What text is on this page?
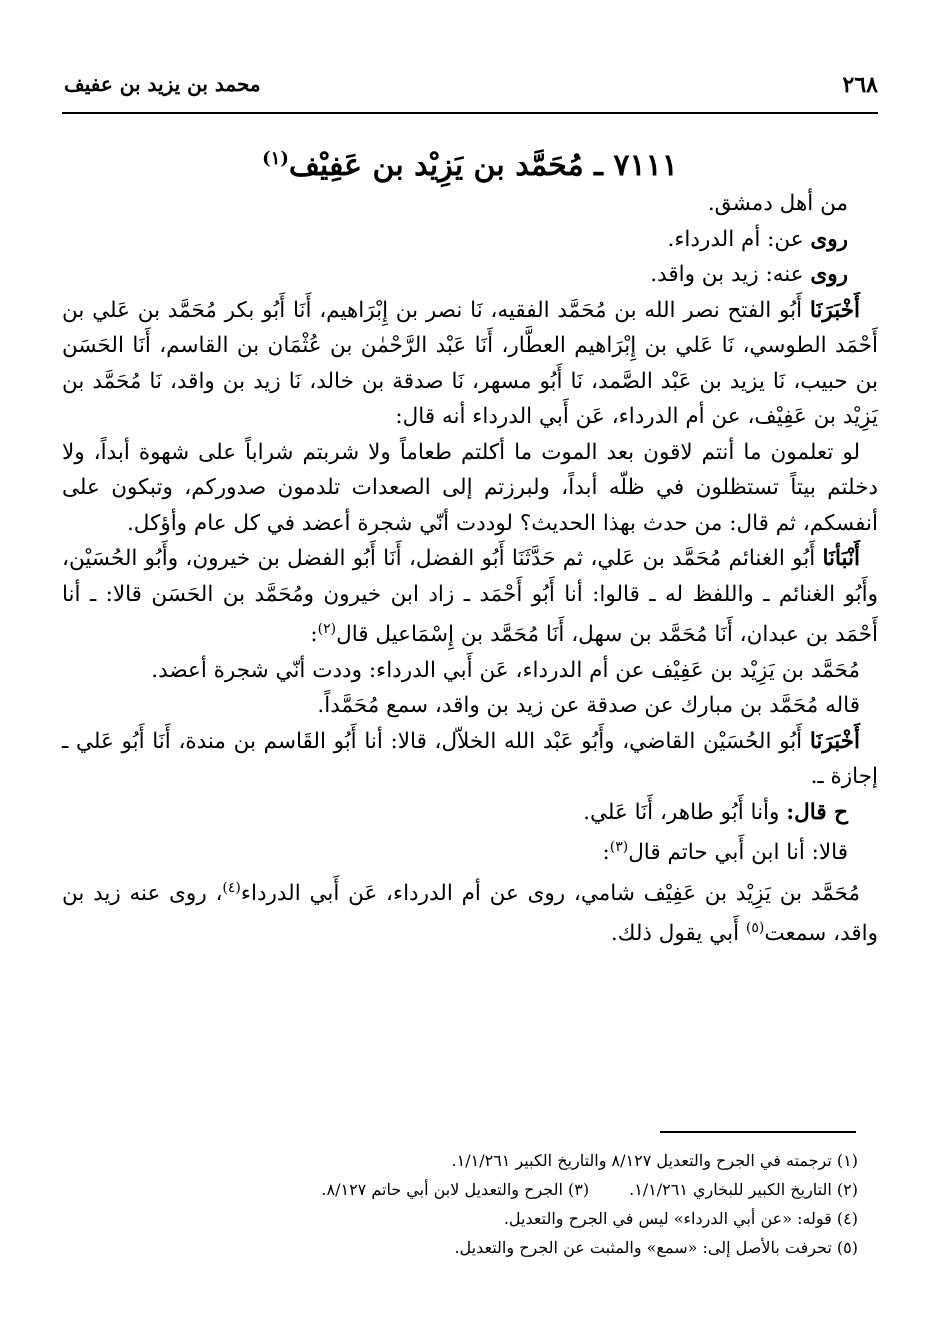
٢٦٨
محمد بن يزيد بن عفيف
٧١١١ ـ مُحَمَّد بن يَزِيْد بن عَفِيْف$^{(١)}$

من أهل دمشق.

روى عن: أم الدرداء.

روى عنه: زيد بن واقد.

أَخْبَرَنَا أَبُو الفتح نصر الله بن مُحَمَّد الفقيه، نَا نصر بن إِبْرَاهيم، أَنَا أَبُو بكر مُحَمَّد بن عَلي بن أَحْمَد الطوسي، نَا عَلي بن إِبْرَاهيم العطَّار، أَنَا عَبْد الرَّحْمٰن بن عُثْمَان بن القاسم، أَنَا الحَسَن بن حبيب، نَا يزيد بن عَبْد الصَّمد، نَا أَبُو مسهر، نَا صدقة بن خالد، نَا زيد بن واقد، نَا مُحَمَّد بن يَزِيْد بن عَفِيْف، عن أم الدرداء، عَن أَبي الدرداء أنه قال:

لو تعلمون ما أنتم لاقون بعد الموت ما أكلتم طعاماً ولا شربتم شراباً على شهوة أبداً، ولا دخلتم بيتاً تستظلون في ظلّه أبداً، ولبرزتم إلى الصعدات تلدمون صدوركم، وتبكون على أنفسكم، ثم قال: من حدث بهذا الحديث؟ لوددت أنّي شجرة أعضد في كل عام وأؤكل.

أَنْبَأنَا أَبُو الغنائم مُحَمَّد بن عَلي، ثم حَدَّثَنَا أَبُو الفضل، أَنَا أَبُو الفضل بن خيرون، وأَبُو الحُسَيْن، وأَبُو الغنائم ـ واللفظ له ـ قالوا: أنا أَبُو أَحْمَد ـ زاد ابن خيرون ومُحَمَّد بن الحَسَن قالا: ـ أنا أَحْمَد بن عبدان، أَنَا مُحَمَّد بن سهل، أَنَا مُحَمَّد بن إِسْمَاعيل قال$^{(٢)}$:

مُحَمَّد بن يَزِيْد بن عَفِيْف عن أم الدرداء، عَن أَبي الدرداء: وددت أنّي شجرة أعضد.

قاله مُحَمَّد بن مبارك عن صدقة عن زيد بن واقد، سمع مُحَمَّداً.

أَخْبَرَنَا أَبُو الحُسَيْن القاضي، وأَبُو عَبْد الله الخلاّل، قالا: أنا أَبُو القَاسم بن مندة، أَنَا أَبُو عَلي ـ إجازة ـ.

ح قال: وأنا أَبُو طاهر، أَنَا عَلي.

قالا: أنا ابن أَبي حاتم قال$^{(٣)}$:

مُحَمَّد بن يَزِيْد بن عَفِيْف شامي، روى عن أم الدرداء، عَن أَبي الدرداء$^{(٤)}$، روى عنه زيد بن واقد، سمعت$^{(٥)}$ أَبي يقول ذلك.

(١) ترجمته في الجرح والتعديل ٨/١٢٧ والتاريخ الكبير ١/١/٢٦١.

(٢) التاريخ الكبير للبخاري ١/١/٢٦١.
(٣) الجرح والتعديل لابن أبي حاتم ٨/١٢٧.

(٤) قوله: «عن أبي الدرداء» ليس في الجرح والتعديل.

(٥) تحرفت بالأصل إلى: «سمع» والمثبت عن الجرح والتعديل.
